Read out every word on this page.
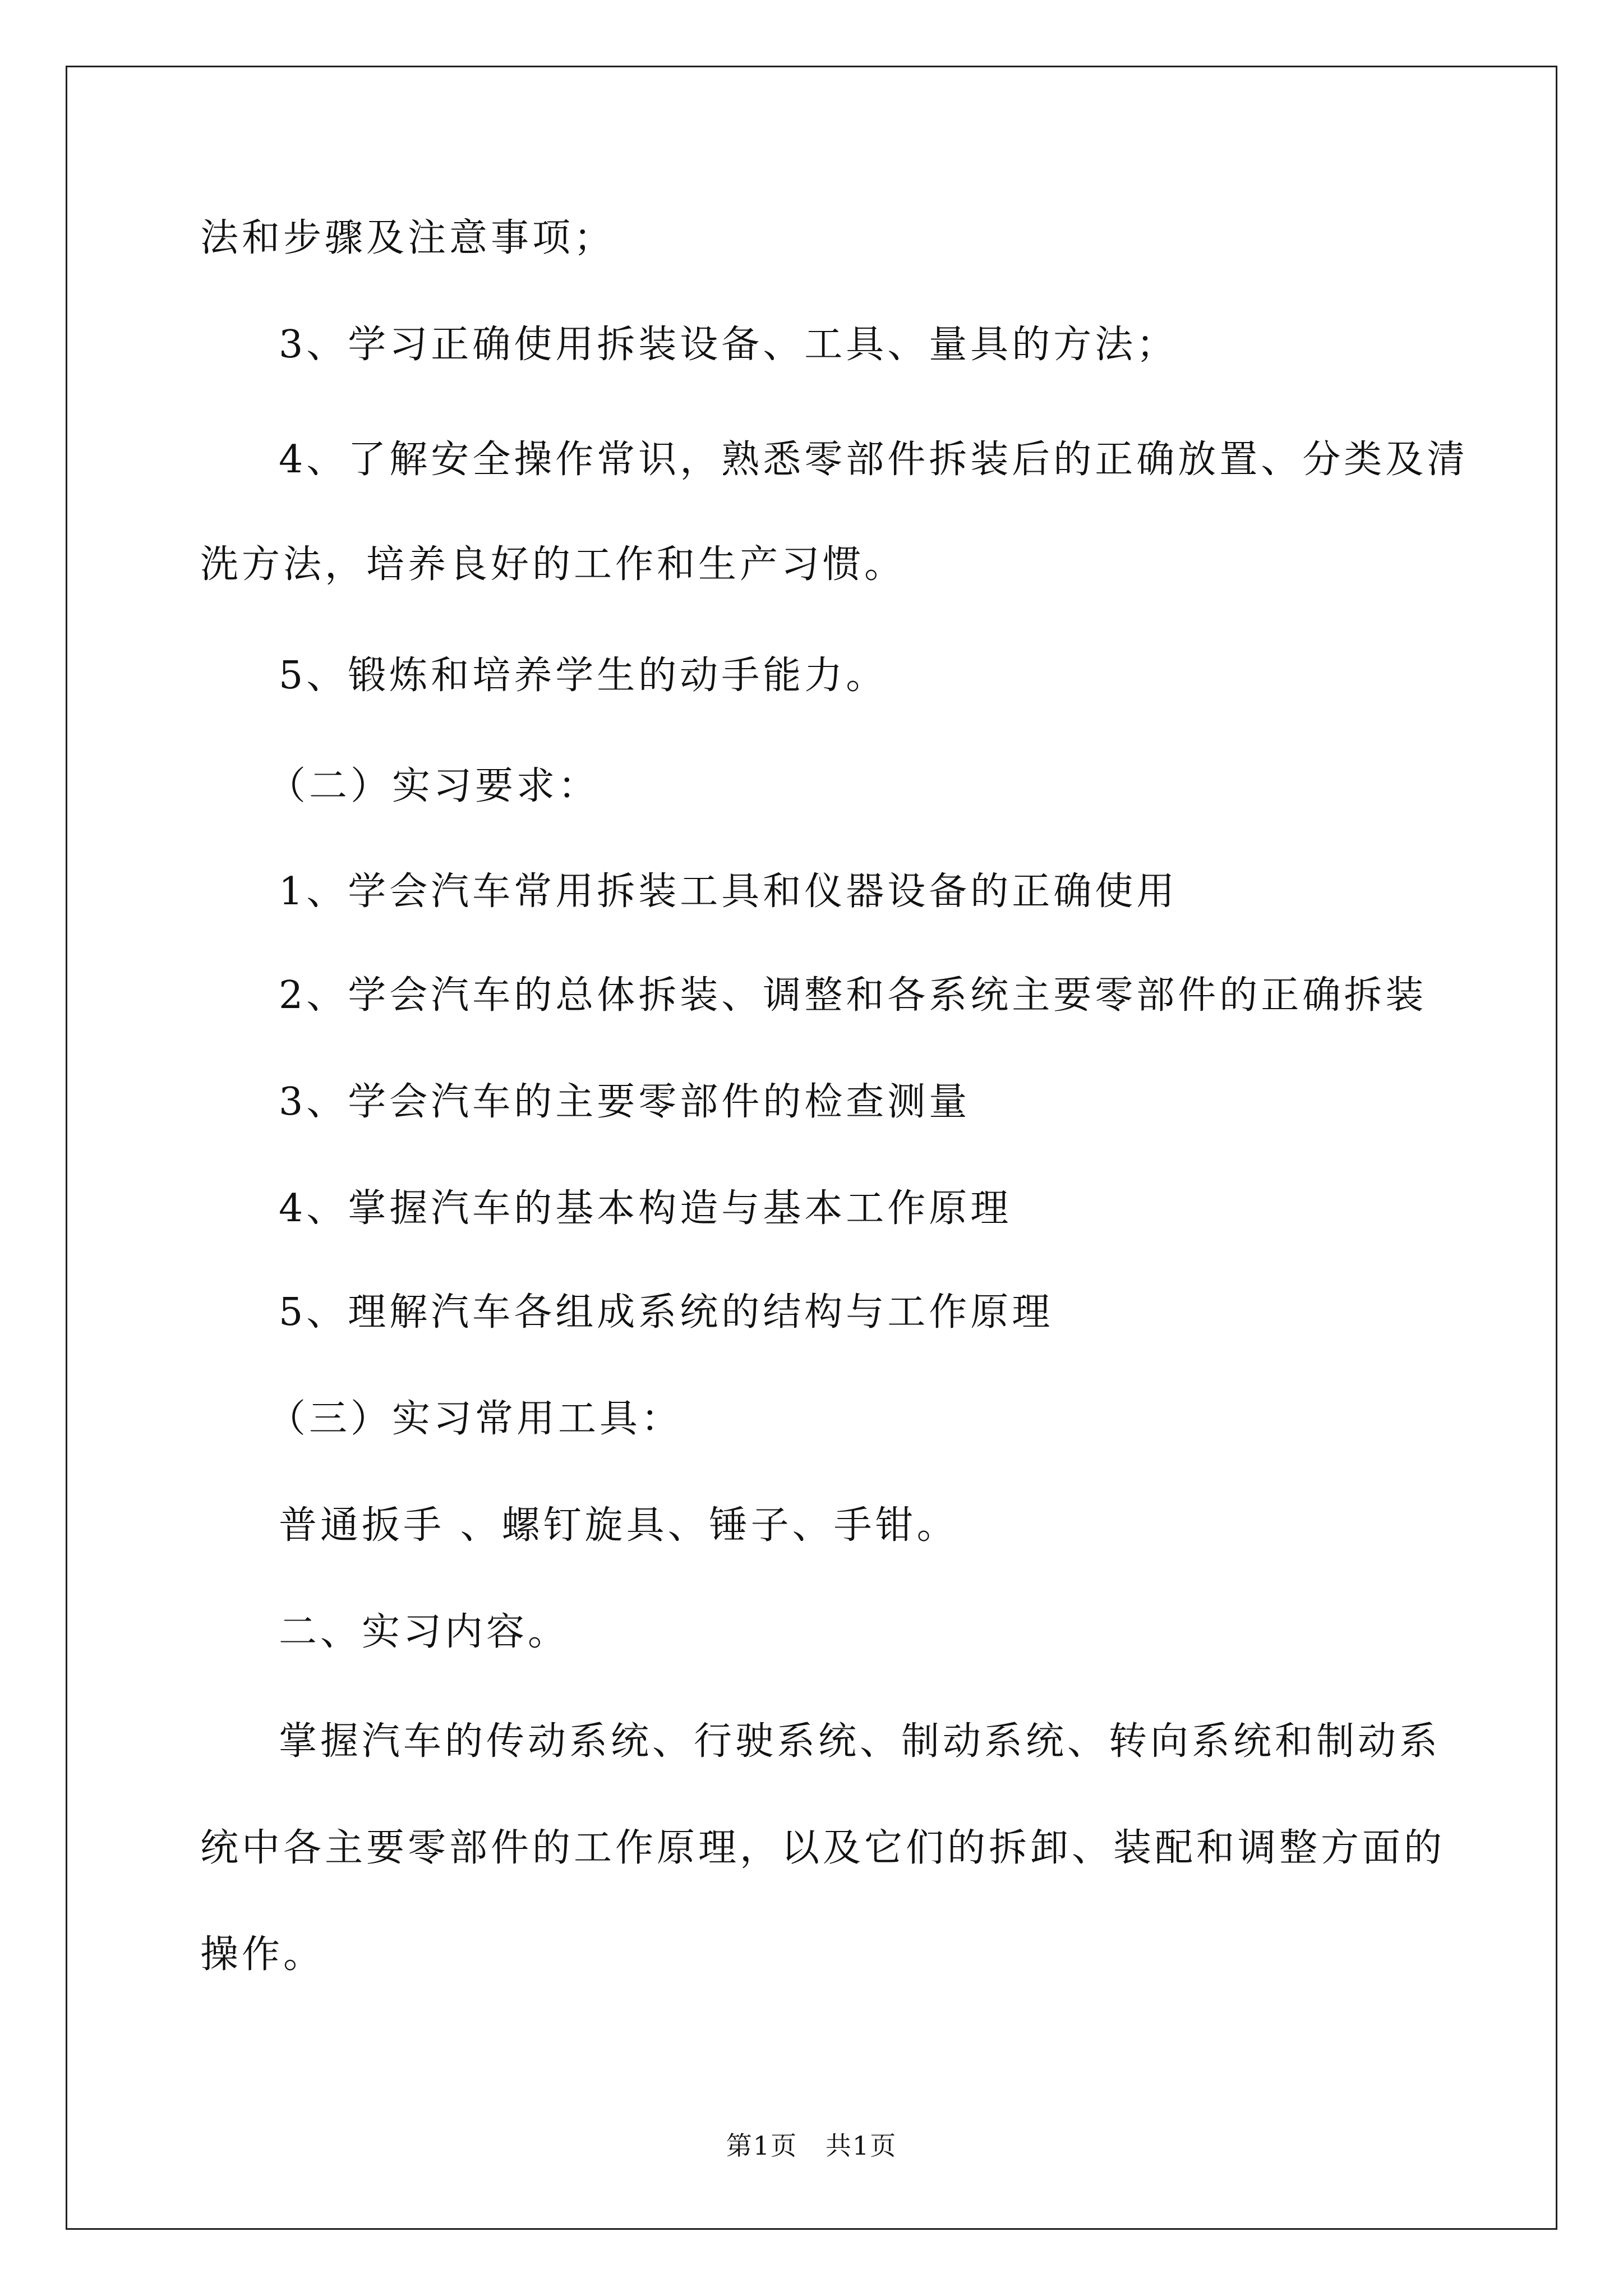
法和步骤及注意事项；
3、学习正确使用拆装设备、工具、量具的方法；
4、了解安全操作常识，熟悉零部件拆装后的正确放置、分类及清
洗方法，培养良好的工作和生产习惯。
5、锻炼和培养学生的动手能力。
（二）实习要求：
1、学会汽车常用拆装工具和仪器设备的正确使用
2、学会汽车的总体拆装、调整和各系统主要零部件的正确拆装
3、学会汽车的主要零部件的检查测量
4、掌握汽车的基本构造与基本工作原理
5、理解汽车各组成系统的结构与工作原理
（三）实习常用工具：
普通扳手 、螺钉旋具、锤子、手钳。
二、实习内容。
掌握汽车的传动系统、行驶系统、制动系统、转向系统和制动系
统中各主要零部件的工作原理，以及它们的拆卸、装配和调整方面的
操作。
第1页   共1页
